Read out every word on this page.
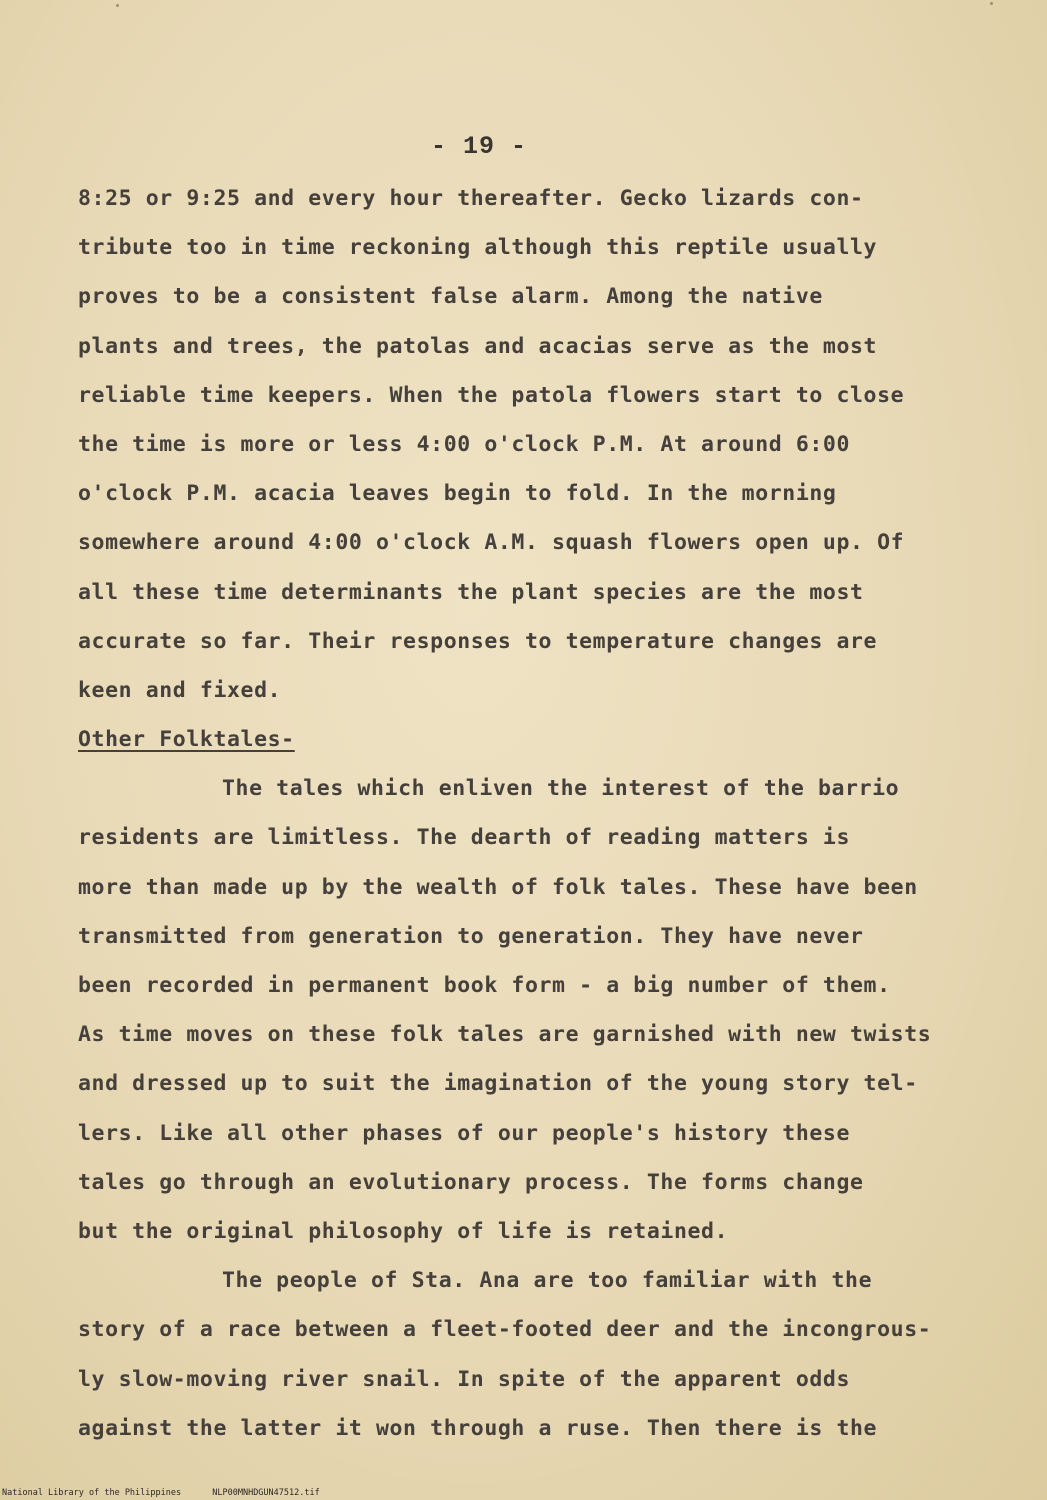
- 19 -
8:25 or 9:25 and every hour thereafter. Gecko lizards con-
tribute too in time reckoning although this reptile usually
proves to be a consistent false alarm. Among the native
plants and trees, the patolas and acacias serve as the most
reliable time keepers. When the patola flowers start to close
the time is more or less 4:00 o'clock P.M. At around 6:00
o'clock P.M. acacia leaves begin to fold. In the morning
somewhere around 4:00 o'clock A.M. squash flowers open up. Of
all these time determinants the plant species are the most
accurate so far. Their responses to temperature changes are
keen and fixed.
Other Folktales-
The tales which enliven the interest of the barrio
residents are limitless. The dearth of reading matters is
more than made up by the wealth of folk tales. These have been
transmitted from generation to generation. They have never
been recorded in permanent book form - a big number of them.
As time moves on these folk tales are garnished with new twists
and dressed up to suit the imagination of the young story tel-
lers. Like all other phases of our people's history these
tales go through an evolutionary process. The forms change
but the original philosophy of life is retained.
The people of Sta. Ana are too familiar with the
story of a race between a fleet-footed deer and the incongrous-
ly slow-moving river snail. In spite of the apparent odds
against the latter it won through a ruse. Then there is the
National Library of the Philippines	NLP00MNHDGUN47512.tif
